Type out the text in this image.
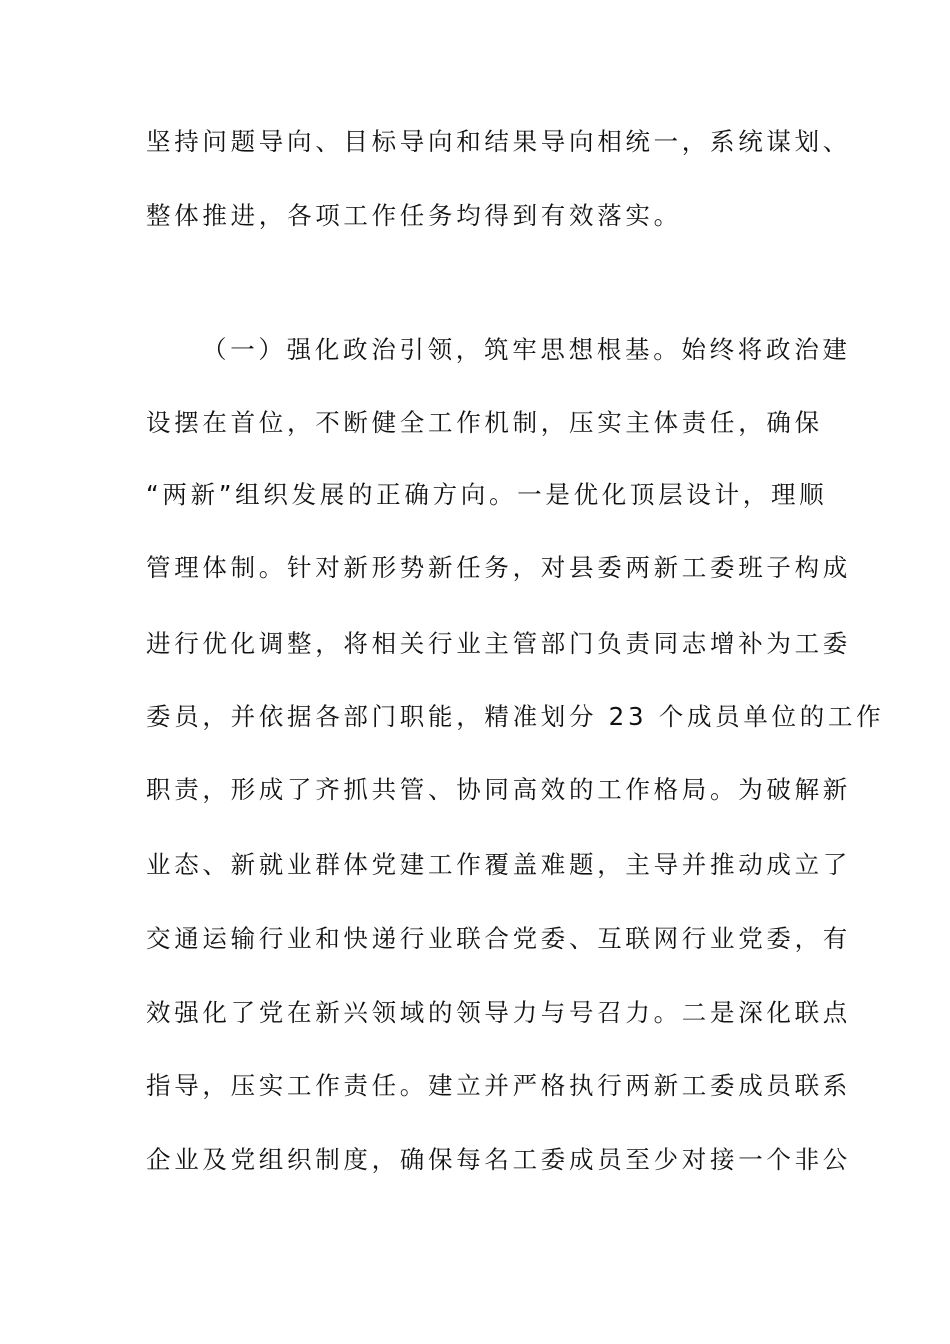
坚持问题导向、目标导向和结果导向相统一，系统谋划、
整体推进，各项工作任务均得到有效落实。
（一）强化政治引领，筑牢思想根基。始终将政治建
设摆在首位，不断健全工作机制，压实主体责任，确保
“两新”组织发展的正确方向。一是优化顶层设计，理顺
管理体制。针对新形势新任务，对县委两新工委班子构成
进行优化调整，将相关行业主管部门负责同志增补为工委
委员，并依据各部门职能，精准划分 23 个成员单位的工作
职责，形成了齐抓共管、协同高效的工作格局。为破解新
业态、新就业群体党建工作覆盖难题，主导并推动成立了
交通运输行业和快递行业联合党委、互联网行业党委，有
效强化了党在新兴领域的领导力与号召力。二是深化联点
指导，压实工作责任。建立并严格执行两新工委成员联系
企业及党组织制度，确保每名工委成员至少对接一个非公
